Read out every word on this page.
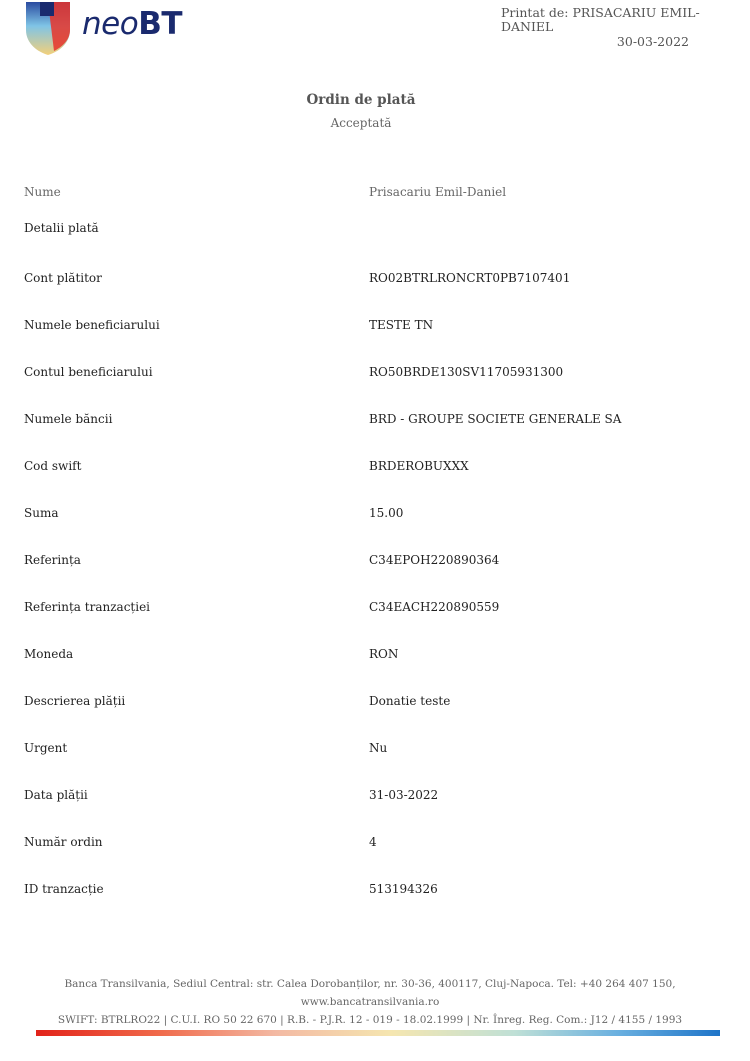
neo BT	Printat de: PRISACARIU EMIL-DANIEL
30-03-2022
Ordin de plată
Acceptată
Nume	Prisacariu Emil-Daniel
Detalii plată
Cont plătitor	RO02BTRLRONCRT0PB7107401
Numele beneficiarului	TESTE TN
Contul beneficiarului	RO50BRDE130SV11705931300
Numele băncii	BRD - GROUPE SOCIETE GENERALE SA
Cod swift	BRDEROBUXXX
Suma	15.00
Referința	C34EPOH220890364
Referința tranzacției	C34EACH220890559
Moneda	RON
Descrierea plății	Donatie teste
Urgent	Nu
Data plății	31-03-2022
Număr ordin	4
ID tranzacție	513194326
Banca Transilvania, Sediul Central: str. Calea Dorobanților, nr. 30-36, 400117, Cluj-Napoca. Tel: +40 264 407 150, www.bancatransilvania.ro
SWIFT: BTRLRO22 | C.U.I. RO 50 22 670 | R.B. - P.J.R. 12 - 019 - 18.02.1999 | Nr. Înreg. Reg. Com.: J12 / 4155 / 1993
